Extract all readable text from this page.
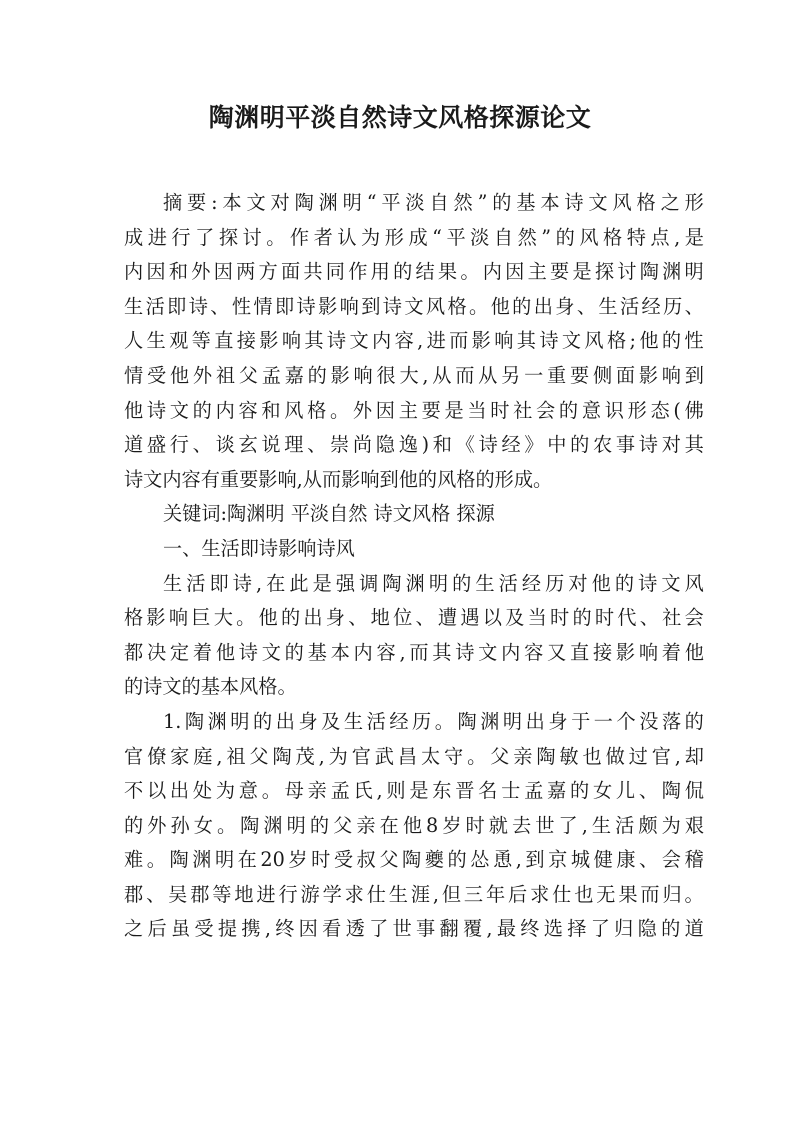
陶渊明平淡自然诗文风格探源论文
摘 要 : 本 文 对 陶 渊 明 “ 平 淡 自 然 ” 的 基 本 诗 文 风 格 之 形
成 进 行 了 探 讨 。 作 者 认 为 形 成 “ 平 淡 自 然 ” 的 风 格 特 点 , 是
内 因 和 外 因 两 方 面 共 同 作 用 的 结 果 。 内 因 主 要 是 探 讨 陶 渊 明
生 活 即 诗 、 性 情 即 诗 影 响 到 诗 文 风 格 。 他 的 出 身 、 生 活 经 历 、
人 生 观 等 直 接 影 响 其 诗 文 内 容 , 进 而 影 响 其 诗 文 风 格 ; 他 的 性
情 受 他 外 祖 父 孟 嘉 的 影 响 很 大 , 从 而 从 另 一 重 要 侧 面 影 响 到
他 诗 文 的 内 容 和 风 格 。 外 因 主 要 是 当 时 社 会 的 意 识 形 态 ( 佛
道 盛 行 、 谈 玄 说 理 、 崇 尚 隐 逸 ) 和 《 诗 经 》 中 的 农 事 诗 对 其
诗文内容有重要影响,从而影响到他的风格的形成。
关键词:陶渊明 平淡自然 诗文风格 探源
一、生活即诗影响诗风
生 活 即 诗 , 在 此 是 强 调 陶 渊 明 的 生 活 经 历 对 他 的 诗 文 风
格 影 响 巨 大 。 他 的 出 身 、 地 位 、 遭 遇 以 及 当 时 的 时 代 、 社 会
都 决 定 着 他 诗 文 的 基 本 内 容 , 而 其 诗 文 内 容 又 直 接 影 响 着 他
的诗文的基本风格。
1. 陶 渊 明 的 出 身 及 生 活 经 历 。 陶 渊 明 出 身 于 一 个 没 落 的
官 僚 家 庭 , 祖 父 陶 茂 , 为 官 武 昌 太 守 。 父 亲 陶 敏 也 做 过 官 , 却
不 以 出 处 为 意 。 母 亲 孟 氏 , 则 是 东 晋 名 士 孟 嘉 的 女 儿 、 陶 侃
的 外 孙 女 。 陶 渊 明 的 父 亲 在 他 8 岁 时 就 去 世 了 , 生 活 颇 为 艰
难 。 陶 渊 明 在 20 岁 时 受 叔 父 陶 夔 的 怂 恿 , 到 京 城 健 康 、 会 稽
郡 、 吴 郡 等 地 进 行 游 学 求 仕 生 涯 , 但 三 年 后 求 仕 也 无 果 而 归 。
之 后 虽 受 提 携 , 终 因 看 透 了 世 事 翻 覆 , 最 终 选 择 了 归 隐 的 道
